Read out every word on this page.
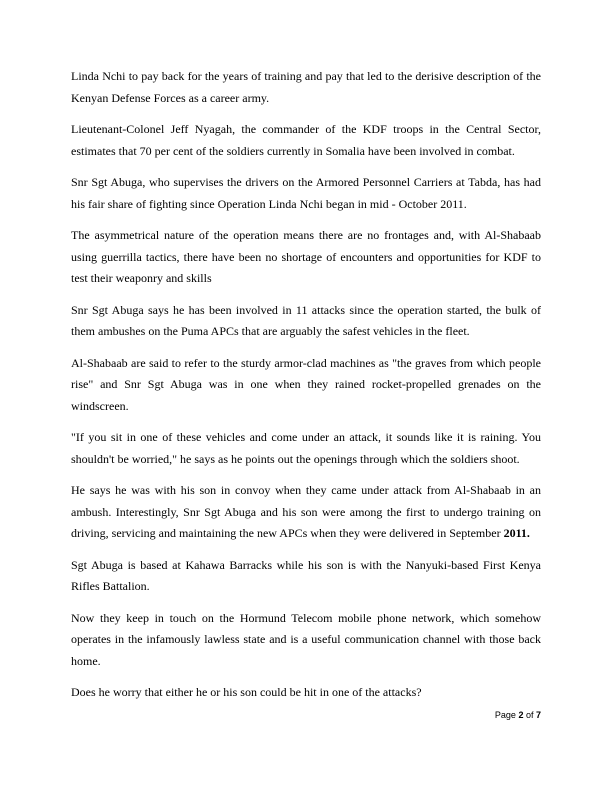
Linda Nchi to pay back for the years of training and pay that led to the derisive description of the Kenyan Defense Forces as a career army.

Lieutenant-Colonel Jeff Nyagah, the commander of the KDF troops in the Central Sector, estimates that 70 per cent of the soldiers currently in Somalia have been involved in combat.

Snr Sgt Abuga, who supervises the drivers on the Armored Personnel Carriers at Tabda, has had his fair share of fighting since Operation Linda Nchi began in mid - October 2011.

The asymmetrical nature of the operation means there are no frontages and, with Al-Shabaab using guerrilla tactics, there have been no shortage of encounters and opportunities for KDF to test their weaponry and skills

Snr Sgt Abuga says he has been involved in 11 attacks since the operation started, the bulk of them ambushes on the Puma APCs that are arguably the safest vehicles in the fleet.

Al-Shabaab are said to refer to the sturdy armor-clad machines as "the graves from which people rise" and Snr Sgt Abuga was in one when they rained rocket-propelled grenades on the windscreen.

"If you sit in one of these vehicles and come under an attack, it sounds like it is raining. You shouldn't be worried," he says as he points out the openings through which the soldiers shoot.

He says he was with his son in convoy when they came under attack from Al-Shabaab in an ambush. Interestingly, Snr Sgt Abuga and his son were among the first to undergo training on driving, servicing and maintaining the new APCs when they were delivered in September 2011.

Sgt Abuga is based at Kahawa Barracks while his son is with the Nanyuki-based First Kenya Rifles Battalion.

Now they keep in touch on the Hormund Telecom mobile phone network, which somehow operates in the infamously lawless state and is a useful communication channel with those back home.

Does he worry that either he or his son could be hit in one of the attacks?

Page 2 of 7
